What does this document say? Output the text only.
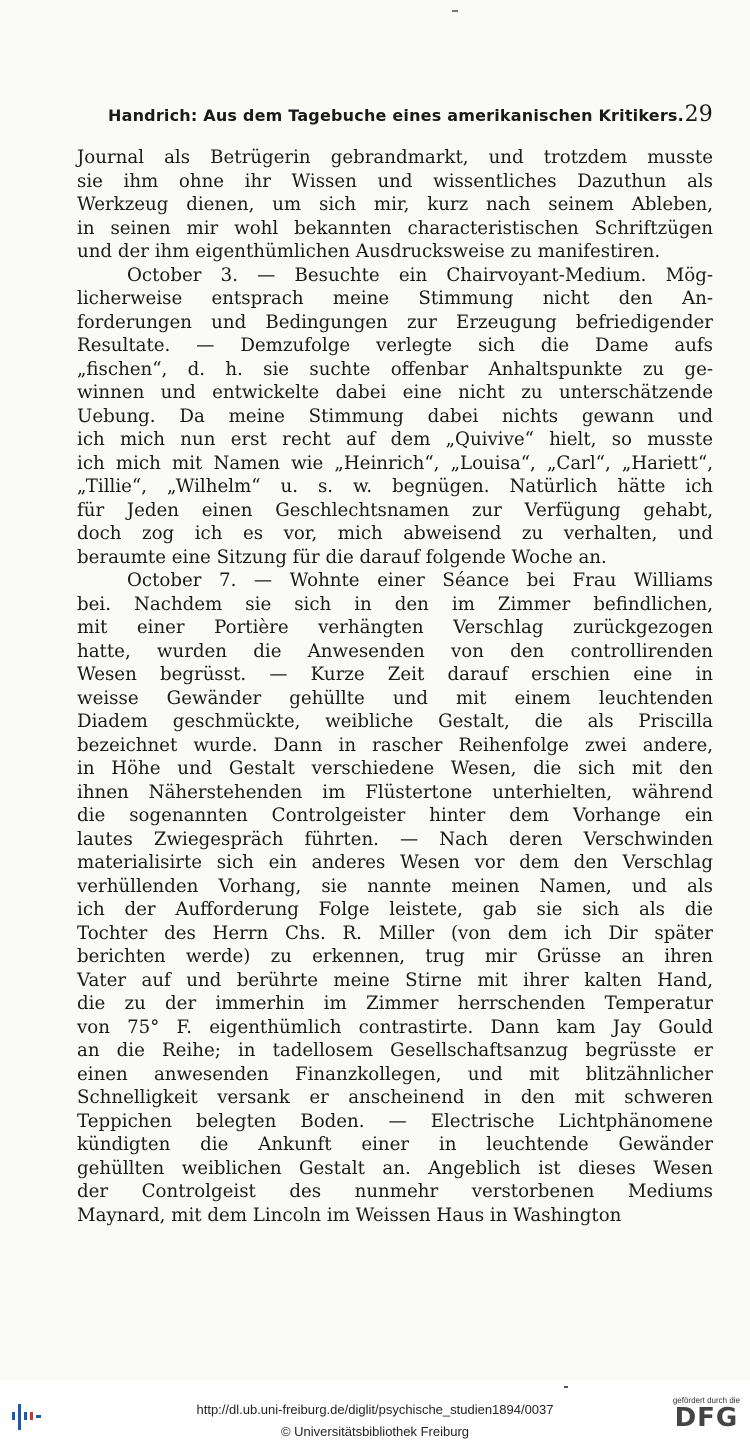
Handrich: Aus dem Tagebuche eines amerikanischen Kritikers. 29
Journal als Betrügerin gebrandmarkt, und trotzdem musste
sie ihm ohne ihr Wissen und wissentliches Dazuthun als
Werkzeug dienen, um sich mir, kurz nach seinem Ableben,
in seinen mir wohl bekannten characteristischen Schriftzügen
und der ihm eigenthümlichen Ausdrucksweise zu manifestiren.
October 3. — Besuchte ein Chairvoyant-Medium. Mög-
licherweise entsprach meine Stimmung nicht den An-
forderungen und Bedingungen zur Erzeugung befriedigender
Resultate. — Demzufolge verlegte sich die Dame aufs
„fischen“, d. h. sie suchte offenbar Anhaltspunkte zu ge-
winnen und entwickelte dabei eine nicht zu unterschätzende
Uebung. Da meine Stimmung dabei nichts gewann und
ich mich nun erst recht auf dem „Quivive“ hielt, so musste
ich mich mit Namen wie „Heinrich“, „Louisa“, „Carl“, „Hariett“,
„Tillie“, „Wilhelm“ u. s. w. begnügen. Natürlich hätte ich
für Jeden einen Geschlechtsnamen zur Verfügung gehabt,
doch zog ich es vor, mich abweisend zu verhalten, und
beraumte eine Sitzung für die darauf folgende Woche an.
October 7. — Wohnte einer Séance bei Frau Williams
bei. Nachdem sie sich in den im Zimmer befindlichen,
mit einer Portière verhängten Verschlag zurückgezogen
hatte, wurden die Anwesenden von den controllirenden
Wesen begrüsst. — Kurze Zeit darauf erschien eine in
weisse Gewänder gehüllte und mit einem leuchtenden
Diadem geschmückte, weibliche Gestalt, die als Priscilla
bezeichnet wurde. Dann in rascher Reihenfolge zwei andere,
in Höhe und Gestalt verschiedene Wesen, die sich mit den
ihnen Näherstehenden im Flüstertone unterhielten, während
die sogenannten Controlgeister hinter dem Vorhange ein
lautes Zwiegespräch führten. — Nach deren Verschwinden
materialisirte sich ein anderes Wesen vor dem den Verschlag
verhüllenden Vorhang, sie nannte meinen Namen, und als
ich der Aufforderung Folge leistete, gab sie sich als die
Tochter des Herrn Chs. R. Miller (von dem ich Dir später
berichten werde) zu erkennen, trug mir Grüsse an ihren
Vater auf und berührte meine Stirne mit ihrer kalten Hand,
die zu der immerhin im Zimmer herrschenden Temperatur
von 75° F. eigenthümlich contrastirte. Dann kam Jay Gould
an die Reihe; in tadellosem Gesellschaftsanzug begrüsste er
einen anwesenden Finanzkollegen, und mit blitzähnlicher
Schnelligkeit versank er anscheinend in den mit schweren
Teppichen belegten Boden. — Electrische Lichtphänomene
kündigten die Ankunft einer in leuchtende Gewänder
gehüllten weiblichen Gestalt an. Angeblich ist dieses Wesen
der Controlgeist des nunmehr verstorbenen Mediums
Maynard, mit dem Lincoln im Weissen Haus in Washington
http://dl.ub.uni-freiburg.de/diglit/psychische_studien1894/0037
© Universitätsbibliothek Freiburg
gefördert durch die
DFG
